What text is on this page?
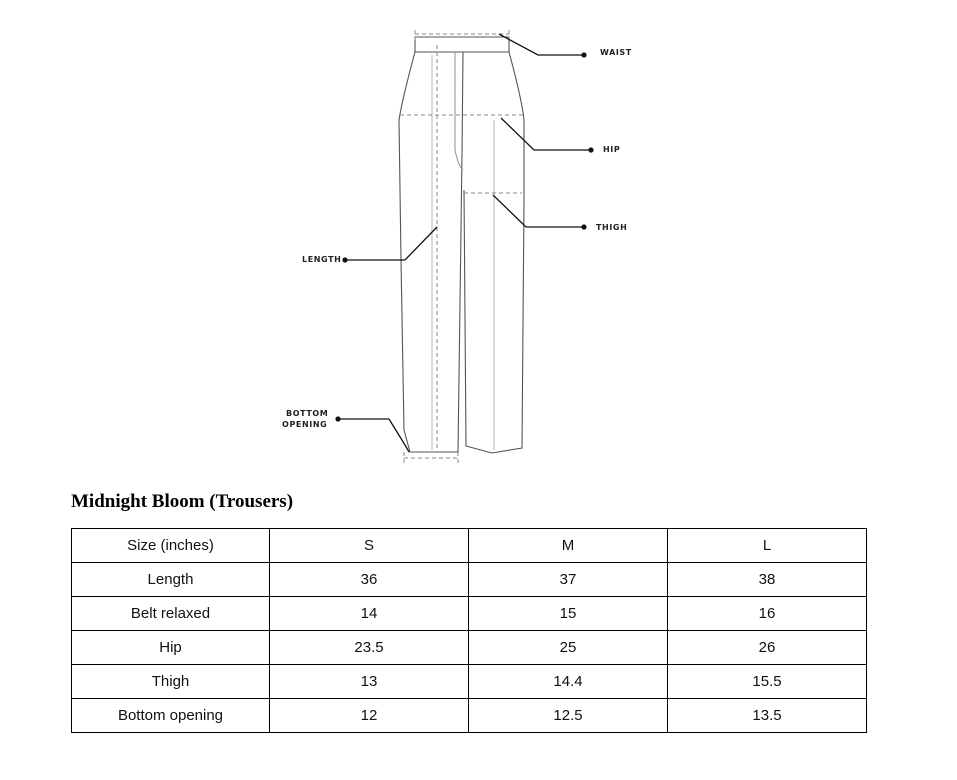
WAIST
HIP
THIGH
LENGTH
BOTTOM
OPENING
Midnight Bloom (Trousers)
Size (inches)	S	M	L
Length	36	37	38
Belt relaxed	14	15	16
Hip	23.5	25	26
Thigh	13	14.4	15.5
Bottom opening	12	12.5	13.5
